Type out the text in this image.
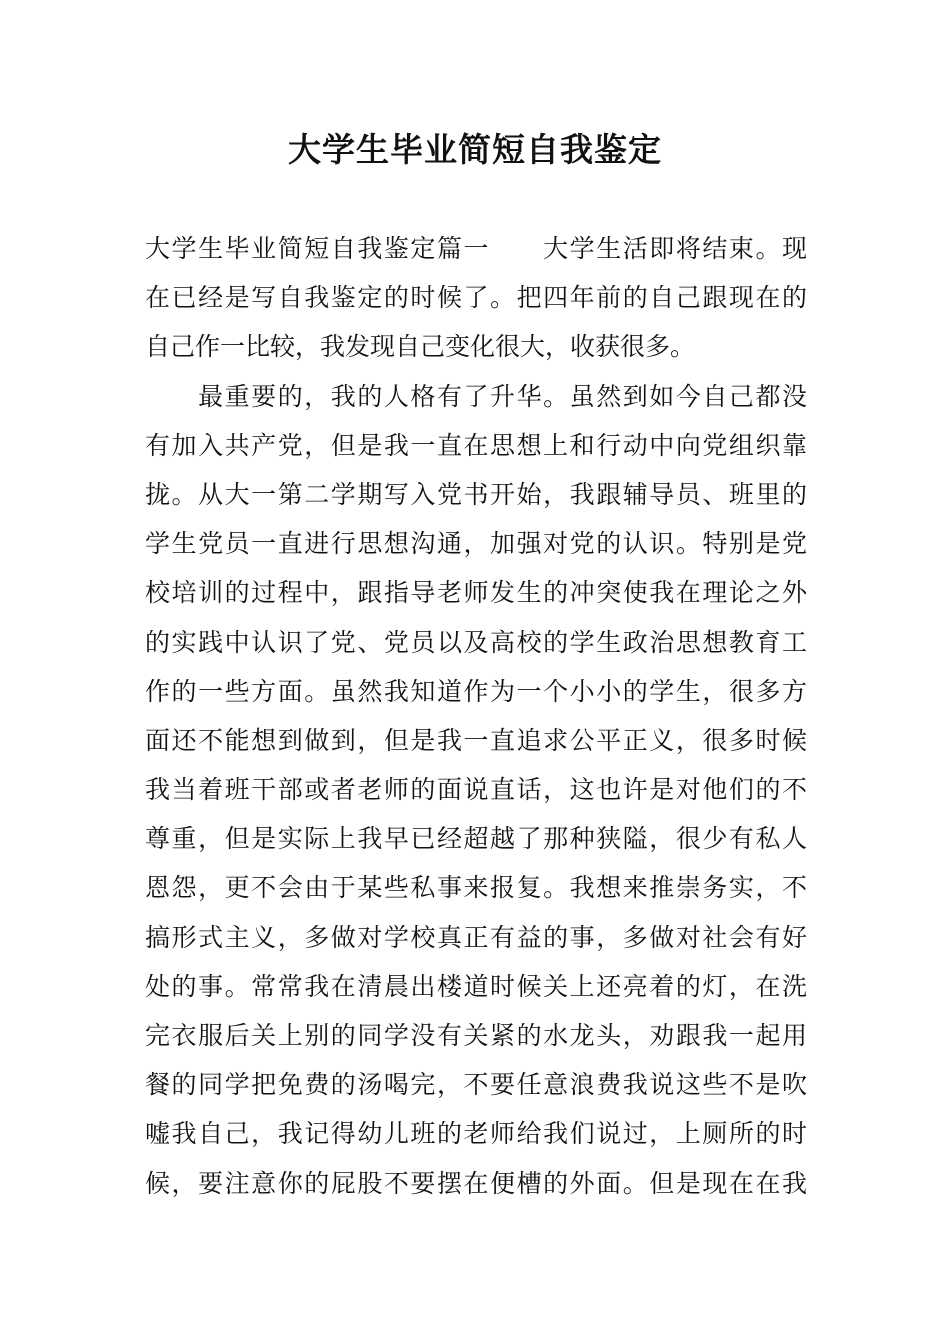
大学生毕业简短自我鉴定
大学生毕业简短自我鉴定篇一　　大学生活即将结束。现
在已经是写自我鉴定的时候了。把四年前的自己跟现在的
自己作一比较，我发现自己变化很大，收获很多。
　　最重要的，我的人格有了升华。虽然到如今自己都没
有加入共产党，但是我一直在思想上和行动中向党组织靠
拢。从大一第二学期写入党书开始，我跟辅导员、班里的
学生党员一直进行思想沟通，加强对党的认识。特别是党
校培训的过程中，跟指导老师发生的冲突使我在理论之外
的实践中认识了党、党员以及高校的学生政治思想教育工
作的一些方面。虽然我知道作为一个小小的学生，很多方
面还不能想到做到，但是我一直追求公平正义，很多时候
我当着班干部或者老师的面说直话，这也许是对他们的不
尊重，但是实际上我早已经超越了那种狭隘，很少有私人
恩怨，更不会由于某些私事来报复。我想来推崇务实，不
搞形式主义，多做对学校真正有益的事，多做对社会有好
处的事。常常我在清晨出楼道时候关上还亮着的灯，在洗
完衣服后关上别的同学没有关紧的水龙头，劝跟我一起用
餐的同学把免费的汤喝完，不要任意浪费我说这些不是吹
嘘我自己，我记得幼儿班的老师给我们说过，上厕所的时
候，要注意你的屁股不要摆在便槽的外面。但是现在在我
